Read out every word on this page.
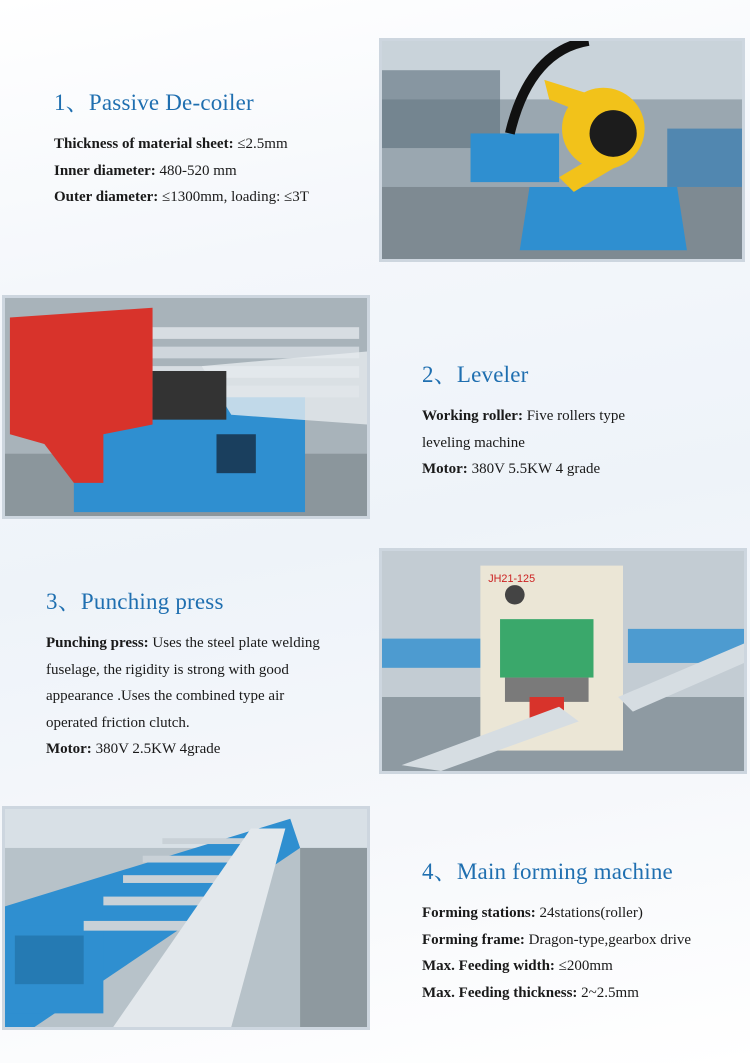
1、Passive De-coiler

Thickness of material sheet: ≤2.5mm

Inner diameter: 480-520 mm

Outer diameter: ≤1300mm, loading: ≤3T

2、Leveler

Working roller: Five rollers type

leveling machine

Motor: 380V 5.5KW 4 grade

3、Punching press

Punching press: Uses the steel plate welding

fuselage, the rigidity is strong with good

appearance .Uses the combined type air

operated friction clutch.

Motor: 380V 2.5KW 4grade

JH21-125
4、Main forming machine

Forming stations: 24stations(roller)

Forming frame: Dragon-type,gearbox drive

Max. Feeding width: ≤200mm

Max. Feeding thickness: 2~2.5mm
